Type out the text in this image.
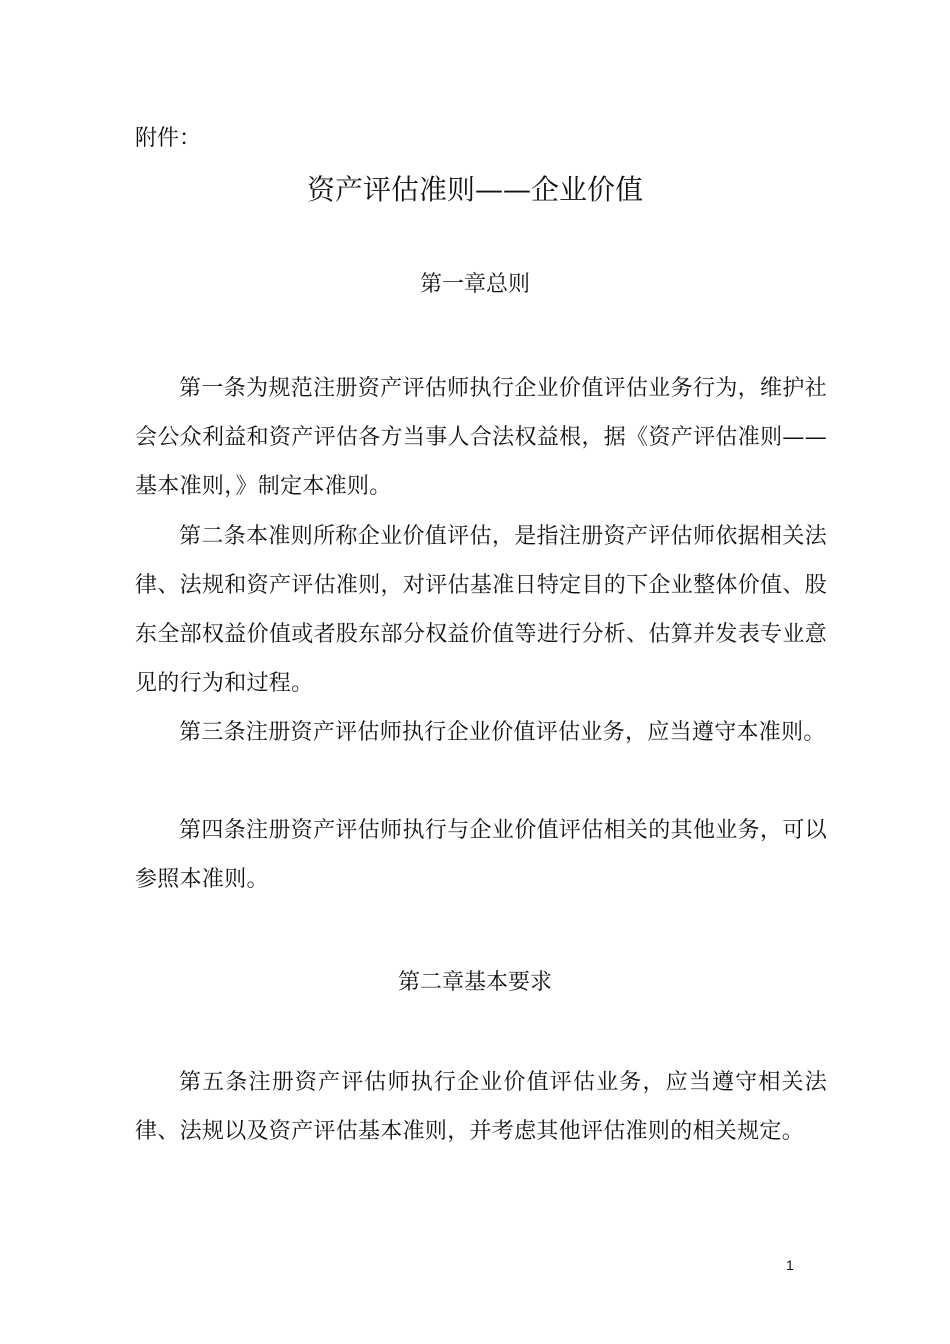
附件：

资产评估准则——企业价值
第一章总则

第一条为规范注册资产评估师执行企业价值评估业务行为，维护社会公众利益和资产评估各方当事人合法权益根，据《资产评估准则——基本准则，》制定本准则。

第二条本准则所称企业价值评估，是指注册资产评估师依据相关法律、法规和资产评估准则，对评估基准日特定目的下企业整体价值、股东全部权益价值或者股东部分权益价值等进行分析、估算并发表专业意见的行为和过程。

第三条注册资产评估师执行企业价值评估业务，应当遵守本准则。

第四条注册资产评估师执行与企业价值评估相关的其他业务，可以参照本准则。

第二章基本要求

第五条注册资产评估师执行企业价值评估业务，应当遵守相关法律、法规以及资产评估基本准则，并考虑其他评估准则的相关规定。

1
